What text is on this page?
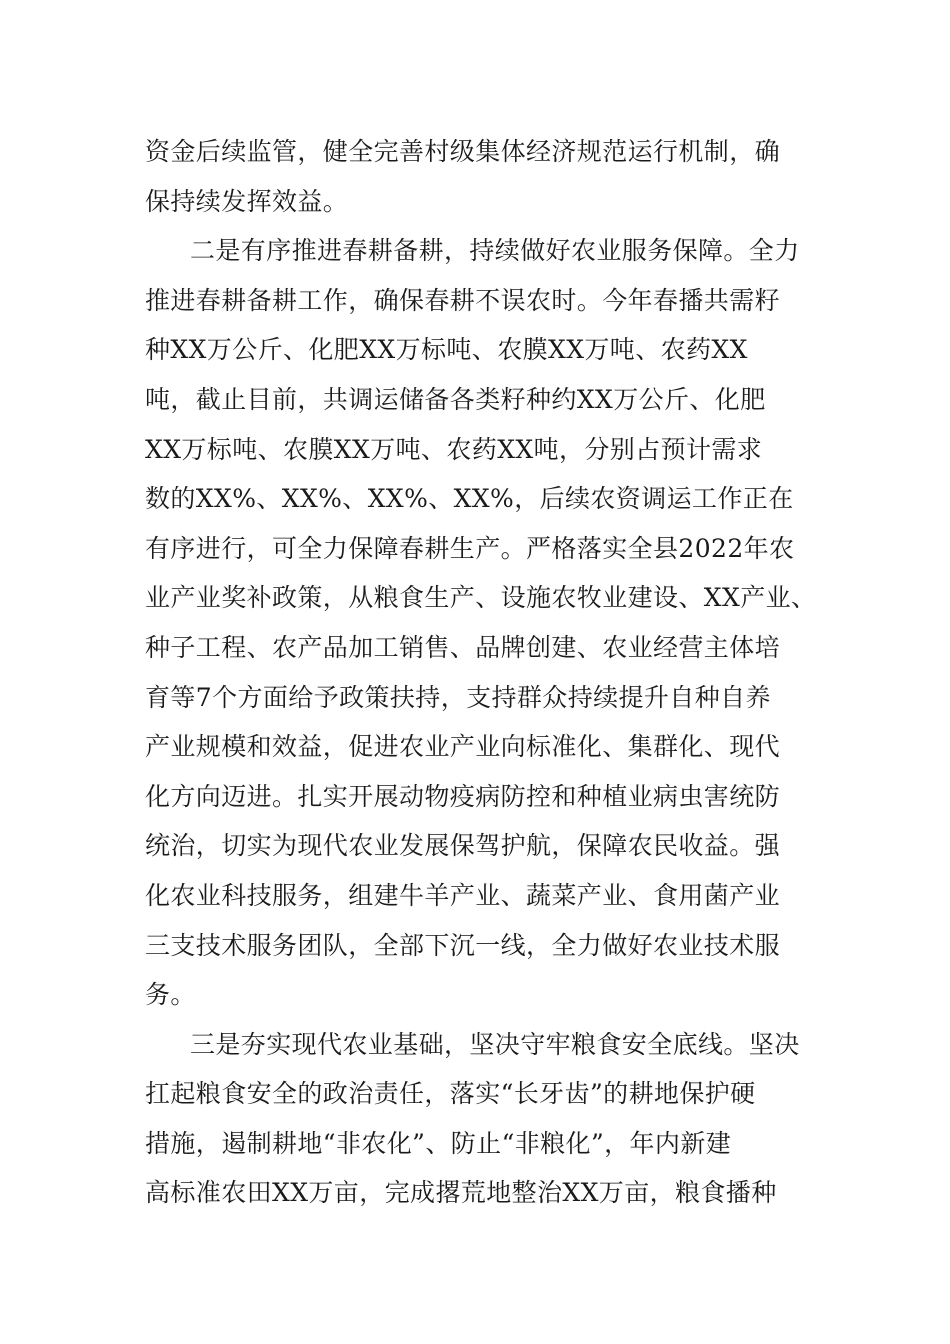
资金后续监管，健全完善村级集体经济规范运行机制，确
保持续发挥效益。
二是有序推进春耕备耕，持续做好农业服务保障。全力
推进春耕备耕工作，确保春耕不误农时。今年春播共需籽
种XX万公斤、化肥XX万标吨、农膜XX万吨、农药XX
吨，截止目前，共调运储备各类籽种约XX万公斤、化肥
XX万标吨、农膜XX万吨、农药XX吨，分别占预计需求
数的XX%、XX%、XX%、XX%，后续农资调运工作正在
有序进行，可全力保障春耕生产。严格落实全县2022年农
业产业奖补政策，从粮食生产、设施农牧业建设、XX产业、
种子工程、农产品加工销售、品牌创建、农业经营主体培
育等7个方面给予政策扶持，支持群众持续提升自种自养
产业规模和效益，促进农业产业向标准化、集群化、现代
化方向迈进。扎实开展动物疫病防控和种植业病虫害统防
统治，切实为现代农业发展保驾护航，保障农民收益。强
化农业科技服务，组建牛羊产业、蔬菜产业、食用菌产业
三支技术服务团队，全部下沉一线，全力做好农业技术服
务。
三是夯实现代农业基础，坚决守牢粮食安全底线。坚决
扛起粮食安全的政治责任，落实“长牙齿”的耕地保护硬
措施，遏制耕地“非农化”、防止“非粮化”，年内新建
高标准农田XX万亩，完成撂荒地整治XX万亩，粮食播种
